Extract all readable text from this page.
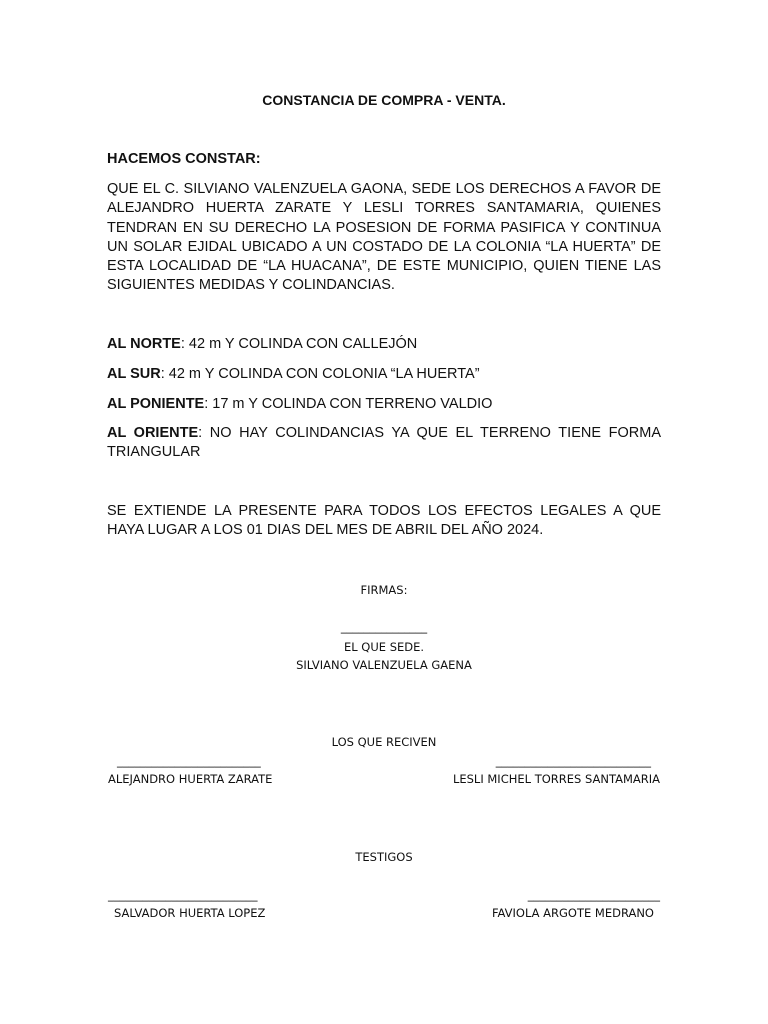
CONSTANCIA DE COMPRA - VENTA.
HACEMOS CONSTAR:
QUE EL C. SILVIANO VALENZUELA GAONA, SEDE LOS DERECHOS A FAVOR DE ALEJANDRO HUERTA ZARATE Y LESLI TORRES SANTAMARIA, QUIENES TENDRAN EN SU DERECHO LA POSESION DE FORMA PASIFICA Y CONTINUA UN SOLAR EJIDAL UBICADO A UN COSTADO DE LA COLONIA “LA HUERTA” DE ESTA LOCALIDAD DE “LA HUACANA”, DE ESTE MUNICIPIO, QUIEN TIENE LAS SIGUIENTES MEDIDAS Y COLINDANCIAS.
AL NORTE: 42 m Y COLINDA CON CALLEJÓN
AL SUR: 42 m Y COLINDA CON COLONIA “LA HUERTA”
AL PONIENTE: 17 m Y COLINDA CON TERRENO VALDIO
AL ORIENTE: NO HAY COLINDANCIAS YA QUE EL TERRENO TIENE FORMA TRIANGULAR
SE EXTIENDE LA PRESENTE PARA TODOS LOS EFECTOS LEGALES A QUE HAYA LUGAR A LOS 01 DIAS DEL MES DE ABRIL DEL AÑO 2024.
FIRMAS:
_______________
EL QUE SEDE.
SILVIANO VALENZUELA GAENA
LOS QUE RECIVEN
_________________________
ALEJANDRO HUERTA ZARATE
___________________________
LESLI MICHEL TORRES SANTAMARIA
TESTIGOS
__________________________
SALVADOR HUERTA LOPEZ
_______________________
FAVIOLA ARGOTE MEDRANO
